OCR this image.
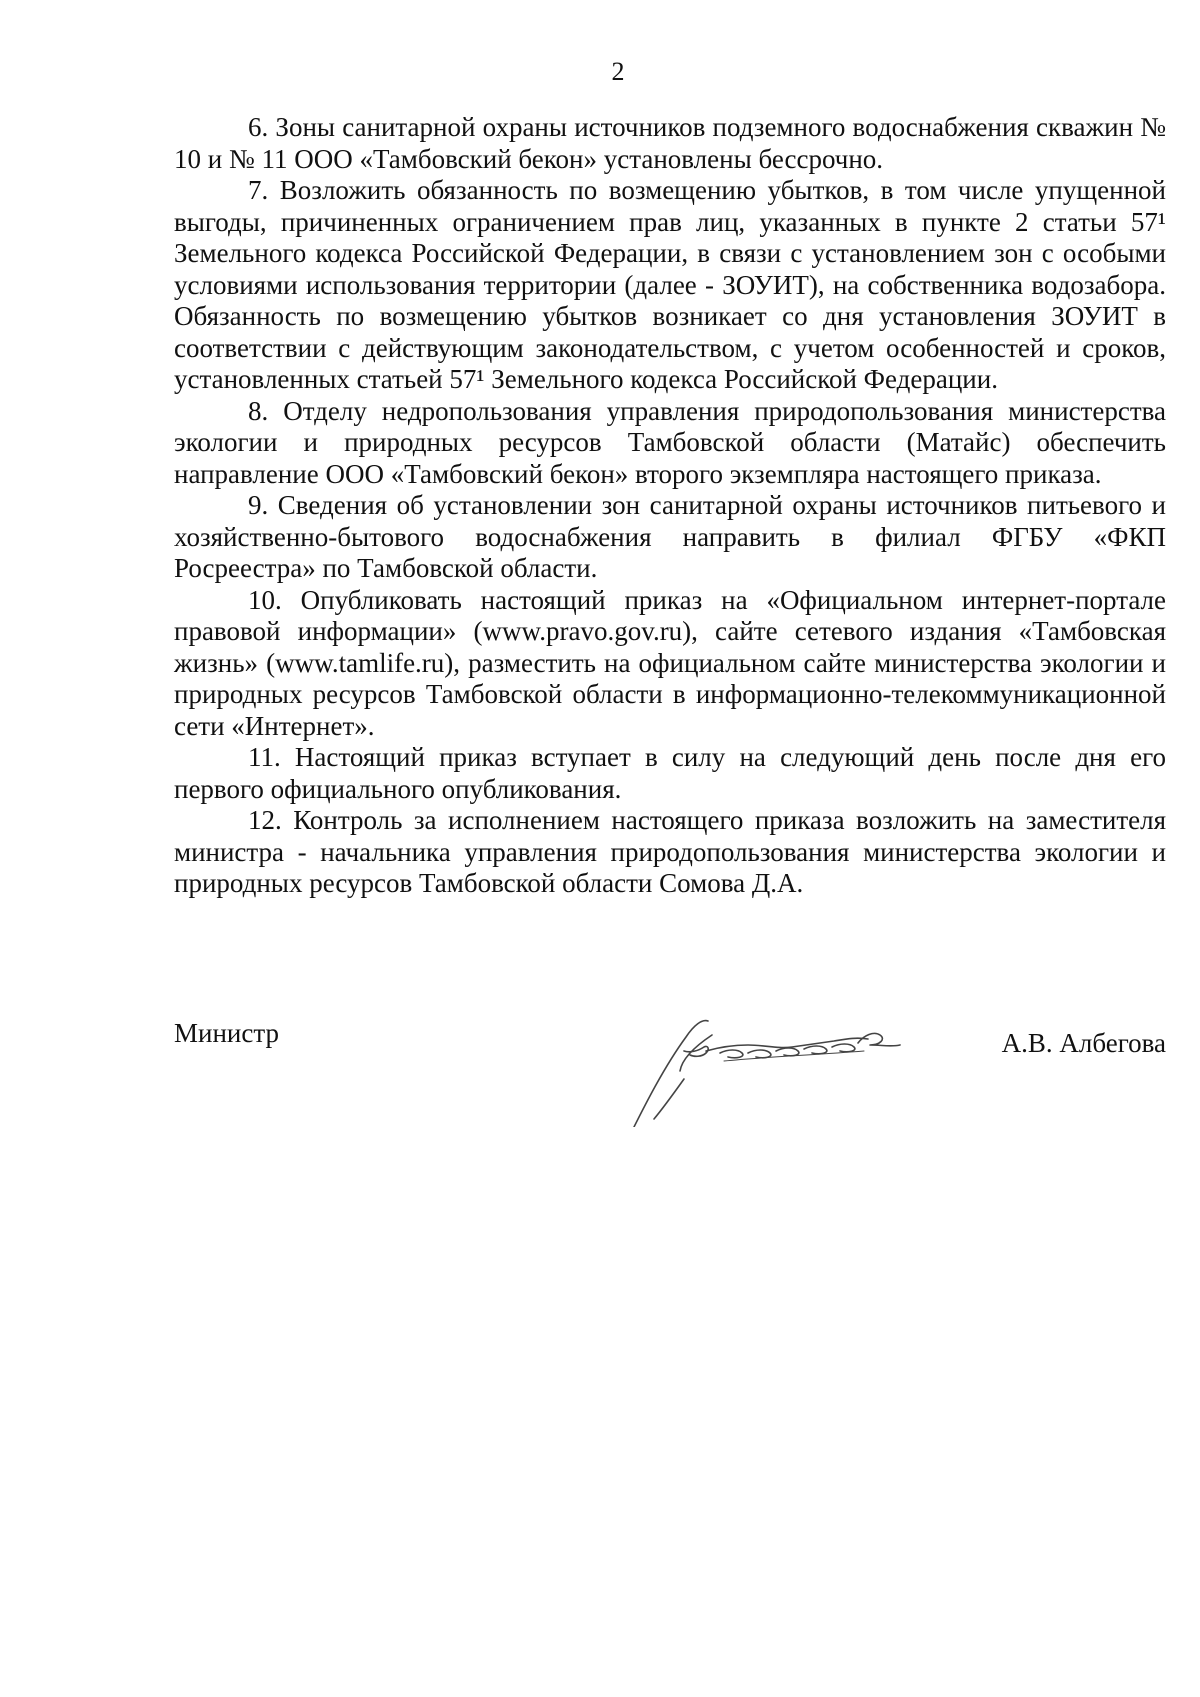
2

6. Зоны санитарной охраны источников подземного водоснабжения скважин № 10 и № 11 ООО «Тамбовский бекон» установлены бессрочно.

7. Возложить обязанность по возмещению убытков, в том числе упущенной выгоды, причиненных ограничением прав лиц, указанных в пункте 2 статьи 57¹ Земельного кодекса Российской Федерации, в связи с установлением зон с особыми условиями использования территории (далее - ЗОУИТ), на собственника водозабора. Обязанность по возмещению убытков возникает со дня установления ЗОУИТ в соответствии с действующим законодательством, с учетом особенностей и сроков, установленных статьей 57¹ Земельного кодекса Российской Федерации.

8. Отделу недропользования управления природопользования министерства экологии и природных ресурсов Тамбовской области (Матайс) обеспечить направление ООО «Тамбовский бекон» второго экземпляра настоящего приказа.

9. Сведения об установлении зон санитарной охраны источников питьевого и хозяйственно-бытового водоснабжения направить в филиал ФГБУ «ФКП Росреестра» по Тамбовской области.

10. Опубликовать настоящий приказ на «Официальном интернет-портале правовой информации» (www.pravo.gov.ru), сайте сетевого издания «Тамбовская жизнь» (www.tamlife.ru), разместить на официальном сайте министерства экологии и природных ресурсов Тамбовской области в информационно-телекоммуникационной сети «Интернет».

11. Настоящий приказ вступает в силу на следующий день после дня его первого официального опубликования.

12. Контроль за исполнением настоящего приказа возложить на заместителя министра - начальника управления природопользования министерства экологии и природных ресурсов Тамбовской области Сомова Д.А.

Министр	А.В. Албегова
